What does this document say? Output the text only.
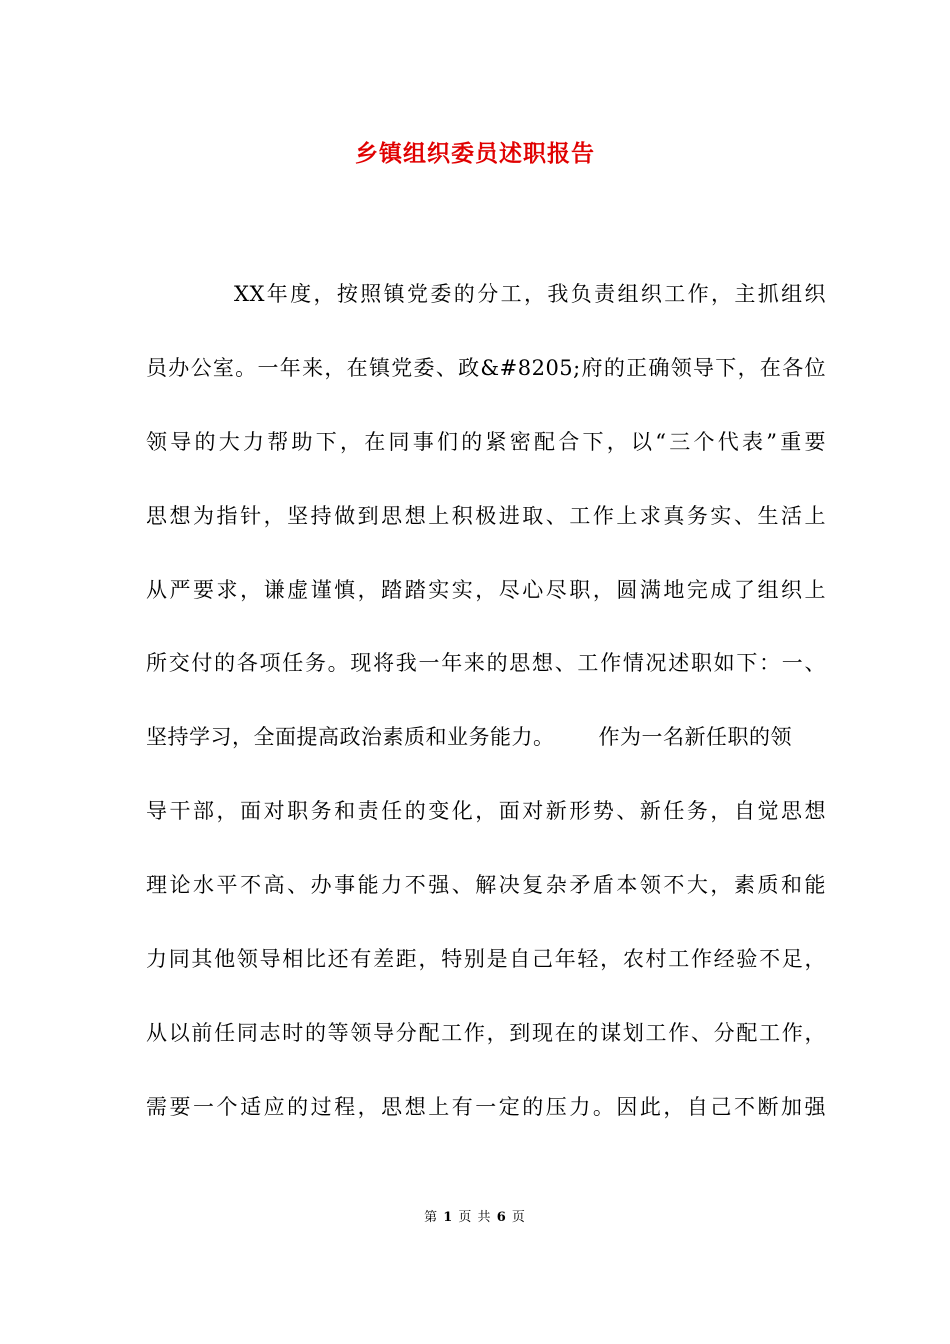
乡镇组织委员述职报告
XX年度，按照镇党委的分工，我负责组织工作，主抓组织
员办公室。一年来，在镇党委、政&#8205;府的正确领导下，在各位
领导的大力帮助下，在同事们的紧密配合下，以“三个代表”重要
思想为指针，坚持做到思想上积极进取、工作上求真务实、生活上
从严要求，谦虚谨慎，踏踏实实，尽心尽职，圆满地完成了组织上
所交付的各项任务。现将我一年来的思想、工作情况述职如下：一、
坚持学习，全面提高政治素质和业务能力。 作为一名新任职的领
导干部，面对职务和责任的变化，面对新形势、新任务，自觉思想
理论水平不高、办事能力不强、解决复杂矛盾本领不大，素质和能
力同其他领导相比还有差距，特别是自己年轻，农村工作经验不足，
从以前任同志时的等领导分配工作，到现在的谋划工作、分配工作，
需要一个适应的过程，思想上有一定的压力。因此，自己不断加强
第 1 页 共 6 页
